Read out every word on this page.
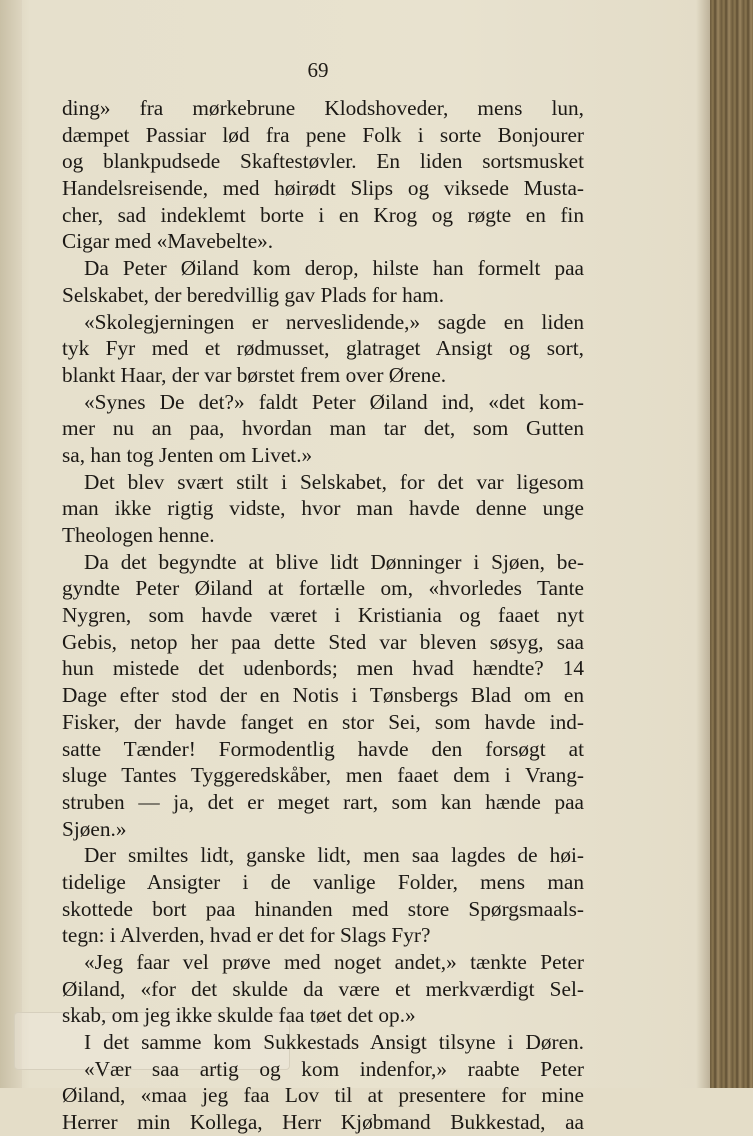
69
ding» fra mørkebrune Klodshoveder, mens lun,
dæmpet Passiar lød fra pene Folk i sorte Bonjourer
og blankpudsede Skaftestøvler. En liden sortsmusket
Handelsreisende, med høirødt Slips og viksede Musta-
cher, sad indeklemt borte i en Krog og røgte en fin
Cigar med «Mavebelte».
Da Peter Øiland kom derop, hilste han formelt paa
Selskabet, der beredvillig gav Plads for ham.
«Skolegjerningen er nerveslidende,» sagde en liden
tyk Fyr med et rødmusset, glatraget Ansigt og sort,
blankt Haar, der var børstet frem over Ørene.
«Synes De det?» faldt Peter Øiland ind, «det kom-
mer nu an paa, hvordan man tar det, som Gutten
sa, han tog Jenten om Livet.»
Det blev svært stilt i Selskabet, for det var ligesom
man ikke rigtig vidste, hvor man havde denne unge
Theologen henne.
Da det begyndte at blive lidt Dønninger i Sjøen, be-
gyndte Peter Øiland at fortælle om, «hvorledes Tante
Nygren, som havde været i Kristiania og faaet nyt
Gebis, netop her paa dette Sted var bleven søsyg, saa
hun mistede det udenbords; men hvad hændte? 14
Dage efter stod der en Notis i Tønsbergs Blad om en
Fisker, der havde fanget en stor Sei, som havde ind-
satte Tænder! Formodentlig havde den forsøgt at
sluge Tantes Tyggeredskåber, men faaet dem i Vrang-
struben — ja, det er meget rart, som kan hænde paa
Sjøen.»
Der smiltes lidt, ganske lidt, men saa lagdes de høi-
tidelige Ansigter i de vanlige Folder, mens man
skottede bort paa hinanden med store Spørgsmaals-
tegn: i Alverden, hvad er det for Slags Fyr?
«Jeg faar vel prøve med noget andet,» tænkte Peter
Øiland, «for det skulde da være et merkværdigt Sel-
skab, om jeg ikke skulde faa tøet det op.»
I det samme kom Sukkestads Ansigt tilsyne i Døren.
«Vær saa artig og kom indenfor,» raabte Peter
Øiland, «maa jeg faa Lov til at presentere for mine
Herrer min Kollega, Herr Kjøbmand Bukkestad, aa
